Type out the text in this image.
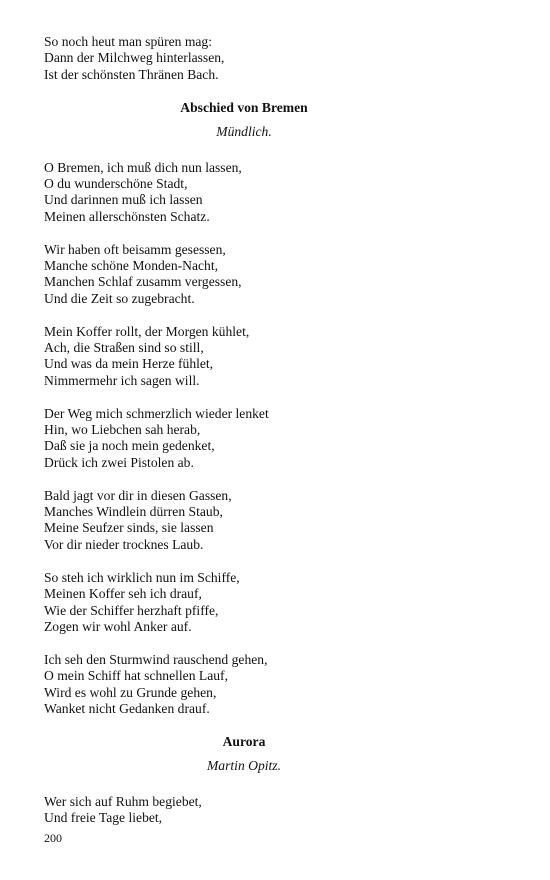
So noch heut man spüren mag:
Dann der Milchweg hinterlassen,
Ist der schönsten Thränen Bach.
Abschied von Bremen
Mündlich.
O Bremen, ich muß dich nun lassen,
O du wunderschöne Stadt,
Und darinnen muß ich lassen
Meinen allerschönsten Schatz.
Wir haben oft beisamm gesessen,
Manche schöne Monden-Nacht,
Manchen Schlaf zusamm vergessen,
Und die Zeit so zugebracht.
Mein Koffer rollt, der Morgen kühlet,
Ach, die Straßen sind so still,
Und was da mein Herze fühlet,
Nimmermehr ich sagen will.
Der Weg mich schmerzlich wieder lenket
Hin, wo Liebchen sah herab,
Daß sie ja noch mein gedenket,
Drück ich zwei Pistolen ab.
Bald jagt vor dir in diesen Gassen,
Manches Windlein dürren Staub,
Meine Seufzer sinds, sie lassen
Vor dir nieder trocknes Laub.
So steh ich wirklich nun im Schiffe,
Meinen Koffer seh ich drauf,
Wie der Schiffer herzhaft pfiffe,
Zogen wir wohl Anker auf.
Ich seh den Sturmwind rauschend gehen,
O mein Schiff hat schnellen Lauf,
Wird es wohl zu Grunde gehen,
Wanket nicht Gedanken drauf.
Aurora
Martin Opitz.
Wer sich auf Ruhm begiebet,
Und freie Tage liebet,
200
